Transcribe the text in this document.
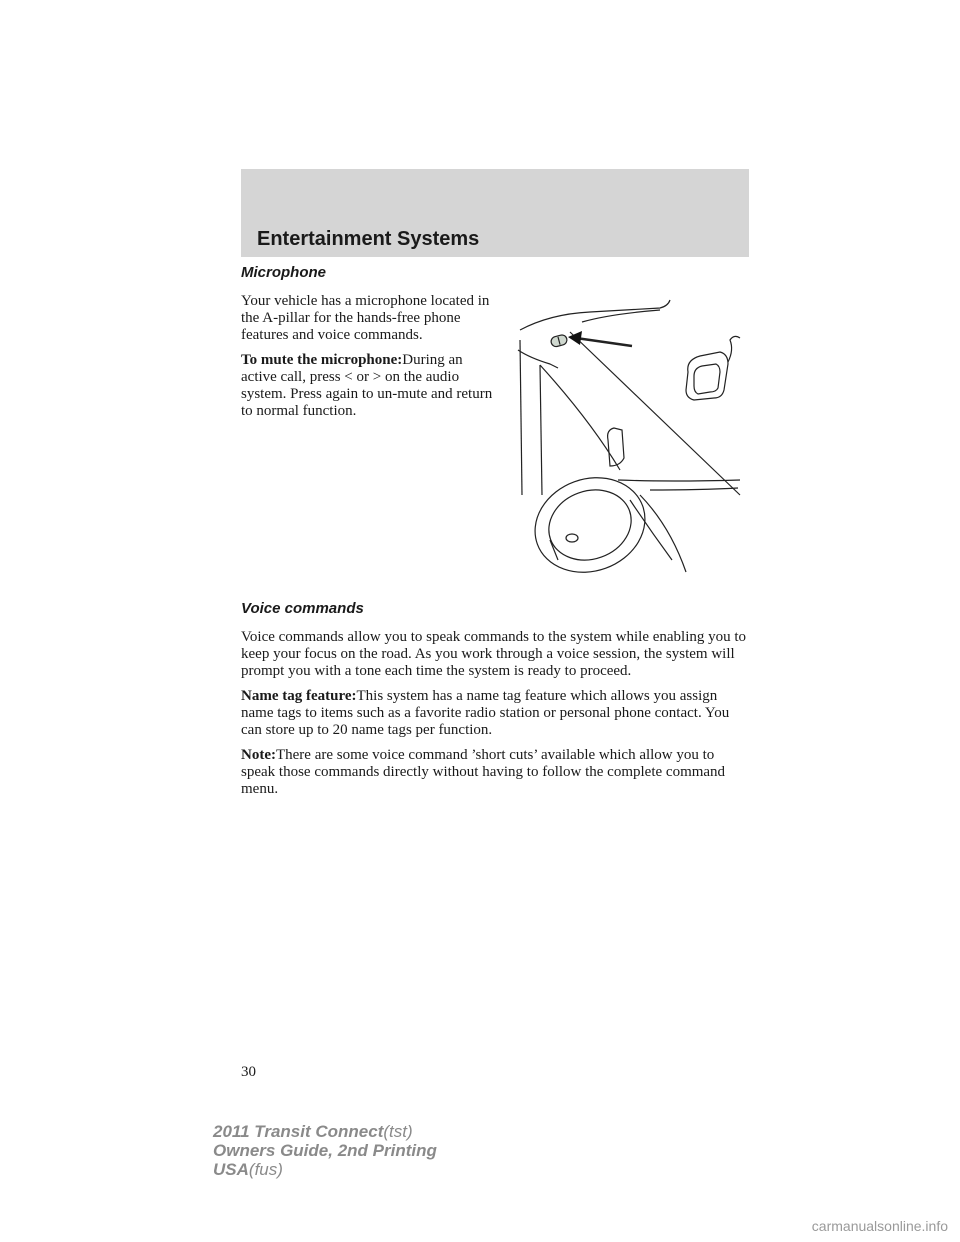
Entertainment Systems
Microphone

Your vehicle has a microphone located in the A-pillar for the hands-free phone features and voice commands.

To mute the microphone:During an active call, press < or > on the audio system. Press again to un-mute and return to normal function.

Voice commands

Voice commands allow you to speak commands to the system while enabling you to keep your focus on the road. As you work through a voice session, the system will prompt you with a tone each time the system is ready to proceed.

Name tag feature:This system has a name tag feature which allows you assign name tags to items such as a favorite radio station or personal phone contact. You can store up to 20 name tags per function.

Note:There are some voice command ’short cuts’ available which allow you to speak those commands directly without having to follow the complete command menu.

30
2011 Transit Connect(tst)
Owners Guide, 2nd Printing
USA(fus)
carmanualsonline.info
